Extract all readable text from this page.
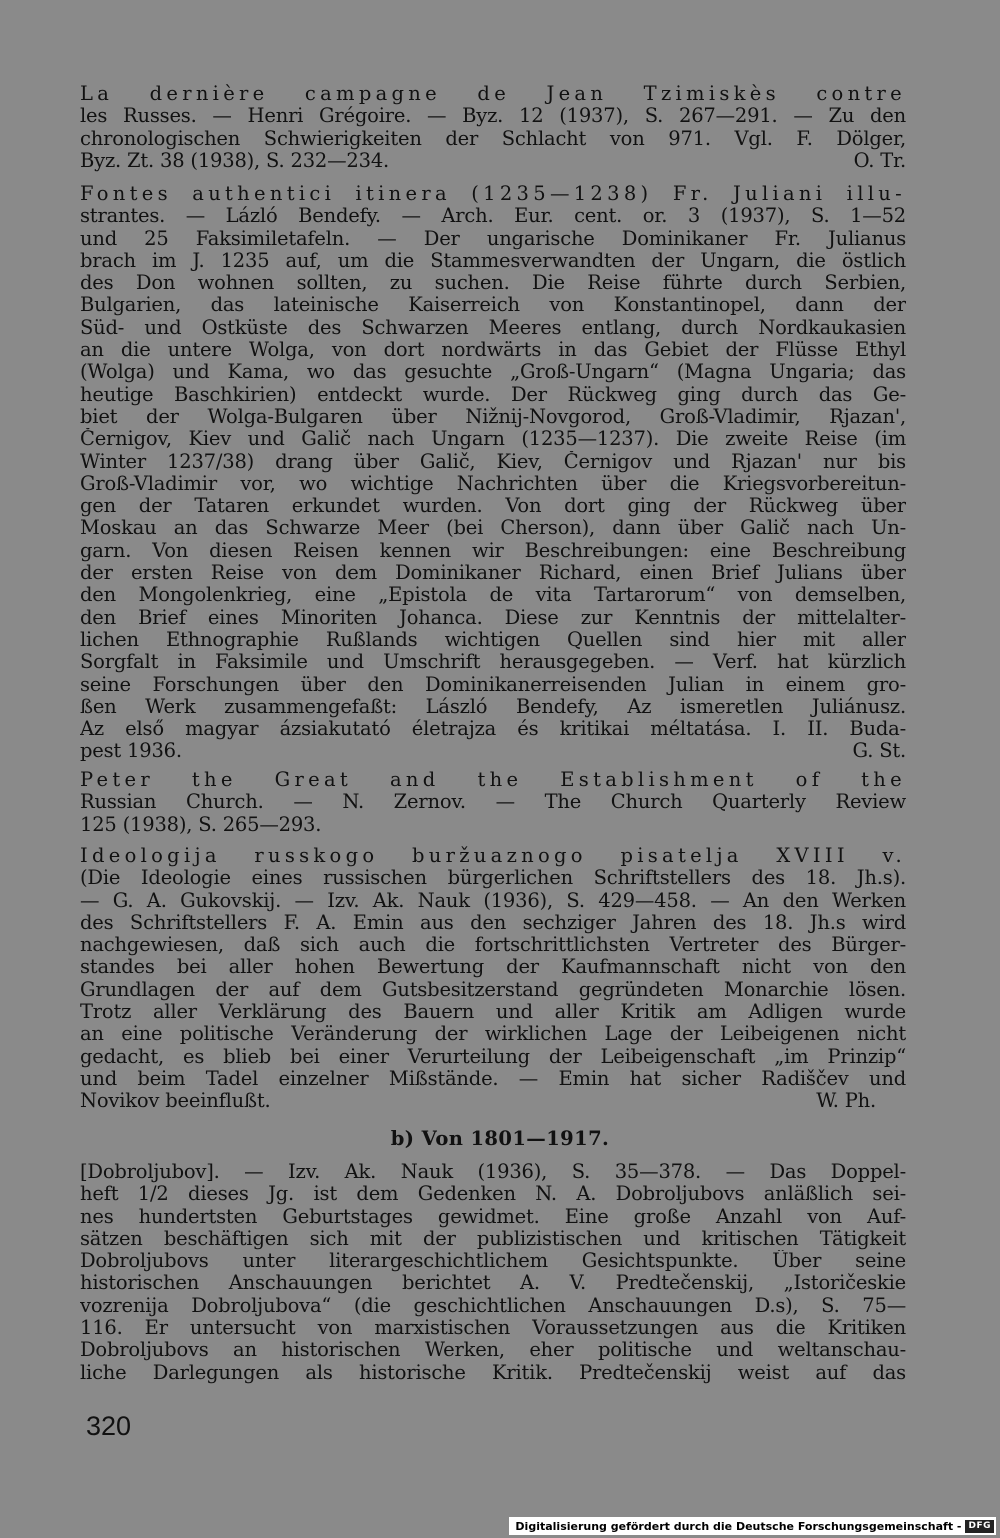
La dernière campagne de Jean Tzimiskès contre
les Russes. — Henri Grégoire. — Byz. 12 (1937), S. 267—291. — Zu den
chronologischen Schwierigkeiten der Schlacht von 971. Vgl. F. Dölger,
Byz. Zt. 38 (1938), S. 232—234.	O. Tr.
Fontes authentici itinera (1235—1238) Fr. Juliani illu-
strantes. — Lázló Bendefy. — Arch. Eur. cent. or. 3 (1937), S. 1—52
und 25 Faksimiletafeln. — Der ungarische Dominikaner Fr. Julianus
brach im J. 1235 auf, um die Stammesverwandten der Ungarn, die östlich
des Don wohnen sollten, zu suchen. Die Reise führte durch Serbien,
Bulgarien, das lateinische Kaiserreich von Konstantinopel, dann der
Süd- und Ostküste des Schwarzen Meeres entlang, durch Nordkaukasien
an die untere Wolga, von dort nordwärts in das Gebiet der Flüsse Ethyl
(Wolga) und Kama, wo das gesuchte „Groß-Ungarn“ (Magna Ungaria; das
heutige Baschkirien) entdeckt wurde. Der Rückweg ging durch das Ge-
biet der Wolga-Bulgaren über Nižnij-Novgorod, Groß-Vladimir, Rjazan',
Černigov, Kiev und Galič nach Ungarn (1235—1237). Die zweite Reise (im
Winter 1237/38) drang über Galič, Kiev, Černigov und Rjazan' nur bis
Groß-Vladimir vor, wo wichtige Nachrichten über die Kriegsvorbereitun-
gen der Tataren erkundet wurden. Von dort ging der Rückweg über
Moskau an das Schwarze Meer (bei Cherson), dann über Galič nach Un-
garn. Von diesen Reisen kennen wir Beschreibungen: eine Beschreibung
der ersten Reise von dem Dominikaner Richard, einen Brief Julians über
den Mongolenkrieg, eine „Epistola de vita Tartarorum“ von demselben,
den Brief eines Minoriten Johanca. Diese zur Kenntnis der mittelalter-
lichen Ethnographie Rußlands wichtigen Quellen sind hier mit aller
Sorgfalt in Faksimile und Umschrift herausgegeben. — Verf. hat kürzlich
seine Forschungen über den Dominikanerreisenden Julian in einem gro-
ßen Werk zusammengefaßt: László Bendefy, Az ismeretlen Juliánusz.
Az első magyar ázsiakutató életrajza és kritikai méltatása. I. II. Buda-
pest 1936.	G. St.
Peter the Great and the Establishment of the
Russian Church. — N. Zernov. — The Church Quarterly Review
125 (1938), S. 265—293.
Ideologija russkogo buržuaznogo pisatelja XVIII v.
(Die Ideologie eines russischen bürgerlichen Schriftstellers des 18. Jh.s).
— G. A. Gukovskij. — Izv. Ak. Nauk (1936), S. 429—458. — An den Werken
des Schriftstellers F. A. Emin aus den sechziger Jahren des 18. Jh.s wird
nachgewiesen, daß sich auch die fortschrittlichsten Vertreter des Bürger-
standes bei aller hohen Bewertung der Kaufmannschaft nicht von den
Grundlagen der auf dem Gutsbesitzerstand gegründeten Monarchie lösen.
Trotz aller Verklärung des Bauern und aller Kritik am Adligen wurde
an eine politische Veränderung der wirklichen Lage der Leibeigenen nicht
gedacht, es blieb bei einer Verurteilung der Leibeigenschaft „im Prinzip“
und beim Tadel einzelner Mißstände. — Emin hat sicher Radiščev und
Novikov beeinflußt.	W. Ph.
b) Von 1801—1917.
[Dobroljubov]. — Izv. Ak. Nauk (1936), S. 35—378. — Das Doppel-
heft 1/2 dieses Jg. ist dem Gedenken N. A. Dobroljubovs anläßlich sei-
nes hundertsten Geburtstages gewidmet. Eine große Anzahl von Auf-
sätzen beschäftigen sich mit der publizistischen und kritischen Tätigkeit
Dobroljubovs unter literargeschichtlichem Gesichtspunkte. Über seine
historischen Anschauungen berichtet A. V. Predtečenskij, „Istoričeskie
vozrenija Dobroljubova“ (die geschichtlichen Anschauungen D.s), S. 75—
116. Er untersucht von marxistischen Voraussetzungen aus die Kritiken
Dobroljubovs an historischen Werken, eher politische und weltanschau-
liche Darlegungen als historische Kritik. Predtečenskij weist auf das
320
Digitalisierung gefördert durch die Deutsche Forschungsgemeinschaft - DFG
